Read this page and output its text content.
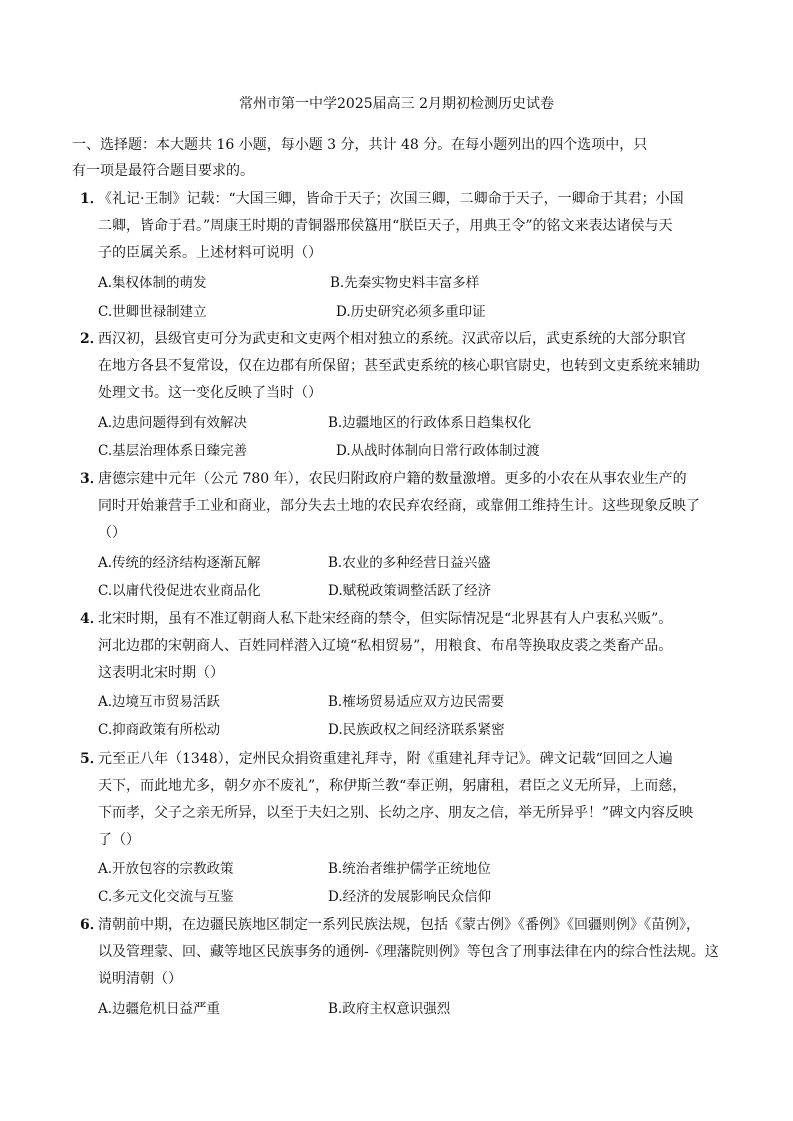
常州市第一中学2025届高三 2月期初检测历史试卷
一、选择题：本大题共 16 小题，每小题 3 分，共计 48 分。在每小题列出的四个选项中，只
有一项是最符合题目要求的。
1．
《礼记·王制》记载：“大国三卿，皆命于天子；次国三卿，二卿命于天子，一卿命于其君；小国
二卿，皆命于君。”周康王时期的青铜器邢侯簋用“朕臣天子，用典王令”的铭文来表达诸侯与天
子的臣属关系。上述材料可说明（）
A.集权体制的萌发	B.先秦实物史料丰富多样
C.世卿世禄制建立	D.历史研究必须多重印证
2．
西汉初，县级官吏可分为武吏和文吏两个相对独立的系统。汉武帝以后，武吏系统的大部分职官
在地方各县不复常设，仅在边郡有所保留；甚至武吏系统的核心职官尉史，也转到文吏系统来辅助
处理文书。这一变化反映了当时（）
A.边患问题得到有效解决	B.边疆地区的行政体系日趋集权化
C.基层治理体系日臻完善	D.从战时体制向日常行政体制过渡
3．
唐德宗建中元年（公元 780 年），农民归附政府户籍的数量激增。更多的小农在从事农业生产的
同时开始兼营手工业和商业，部分失去土地的农民弃农经商，或靠佣工维持生计。这些现象反映了
（）
A.传统的经济结构逐渐瓦解	B.农业的多种经营日益兴盛
C.以庸代役促进农业商品化	D.赋税政策调整活跃了经济
4．
北宋时期，虽有不准辽朝商人私下赴宋经商的禁令，但实际情况是“北界甚有人户衷私兴贩”。
河北边郡的宋朝商人、百姓同样潜入辽境“私相贸易”，用粮食、布帛等换取皮裘之类畜产品。
这表明北宋时期（）
A.边境互市贸易活跃	B.榷场贸易适应双方边民需要
C.抑商政策有所松动	D.民族政权之间经济联系紧密
5．
元至正八年（1348），定州民众捐资重建礼拜寺，附《重建礼拜寺记》。碑文记载“回回之人遍
天下，而此地尤多，朝夕亦不废礼”，称伊斯兰教“奉正朔，躬庸租，君臣之义无所异，上而慈，
下而孝，父子之亲无所异，以至于夫妇之别、长幼之序、朋友之信，举无所异乎！”碑文内容反映
了（）
A.开放包容的宗教政策	B.统治者维护儒学正统地位
C.多元文化交流与互鉴	D.经济的发展影响民众信仰
6．
清朝前中期，在边疆民族地区制定一系列民族法规，包括《蒙古例》《番例》《回疆则例》《苗例》，
以及管理蒙、回、藏等地区民族事务的通例-《理藩院则例》等包含了刑事法律在内的综合性法规。这
说明清朝（）
A.边疆危机日益严重	B.政府主权意识强烈
